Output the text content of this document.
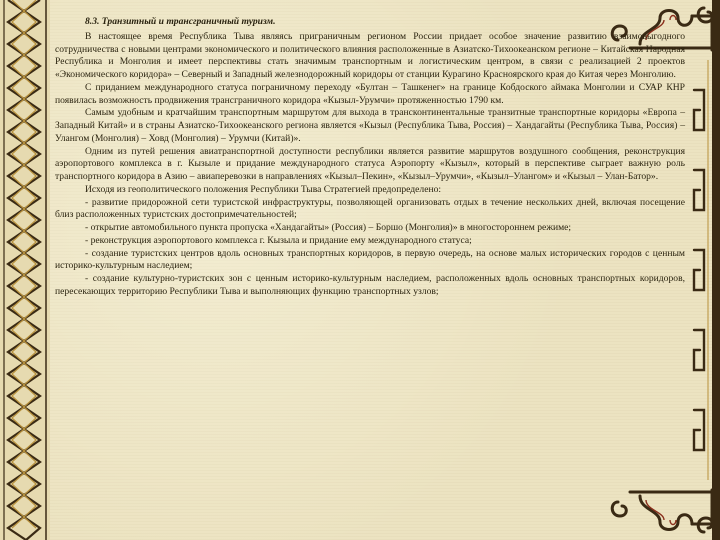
8.3. Транзитный и трансграничный туризм.

В настоящее время Республика Тыва являясь приграничным регионом России придает особое значение развитию взаимовыгодного сотрудничества с новыми центрами экономического и политического влияния расположенные в Азиатско-Тихоокеанском регионе – Китайская Народная Республика и Монголия и имеет перспективы стать значимым транспортным и логистическим центром, в связи с реализацией 2 проектов «Экономического коридора» – Северный и Западный железнодорожный коридоры от станции Курагино Красноярского края до Китая через Монголию.

С приданием международного статуса пограничному переходу «Бултан – Ташкенег» на границе Кобдоского аймака Монголии и СУАР КНР появилась возможность продвижения трансграничного коридора «Кызыл-Урумчи» протяженностью 1790 км.

Самым удобным и кратчайшим транспортным маршрутом для выхода в трансконтинентальные транзитные транспортные коридоры «Европа – Западный Китай» и в страны Азиатско-Тихоокеанского региона является «Кызыл (Республика Тыва, Россия) – Хандагайты (Республика Тыва, Россия) – Улангом (Монголия) – Ховд (Монголия) – Урумчи (Китай)».

Одним из путей решения авиатранспортной доступности республики является развитие маршрутов воздушного сообщения, реконструкция аэропортового комплекса в г. Кызыле и придание международного статуса Аэропорту «Кызыл», который в перспективе сыграет важную роль транспортного коридора в Азию – авиаперевозки в направлениях «Кызыл–Пекин», «Кызыл–Урумчи», «Кызыл–Улангом» и «Кызыл – Улан-Батор».

Исходя из геополитического положения Республики Тыва Стратегией предопределено:

- развитие придорожной сети туристской инфраструктуры, позволяющей организовать отдых в течение нескольких дней, включая посещение близ расположенных туристских достопримечательностей;

- открытие автомобильного пункта пропуска «Хандагайты» (Россия) – Боршо (Монголия)» в многостороннем режиме;

- реконструкция аэропортового комплекса г. Кызыла и придание ему международного статуса;

- создание туристских центров вдоль основных транспортных коридоров, в первую очередь, на основе малых исторических городов с ценным историко-культурным наследием;

- создание культурно-туристских зон с ценным историко-культурным наследием, расположенных вдоль основных транспортных коридоров, пересекающих территорию Республики Тыва и выполняющих функцию транспортных узлов;
